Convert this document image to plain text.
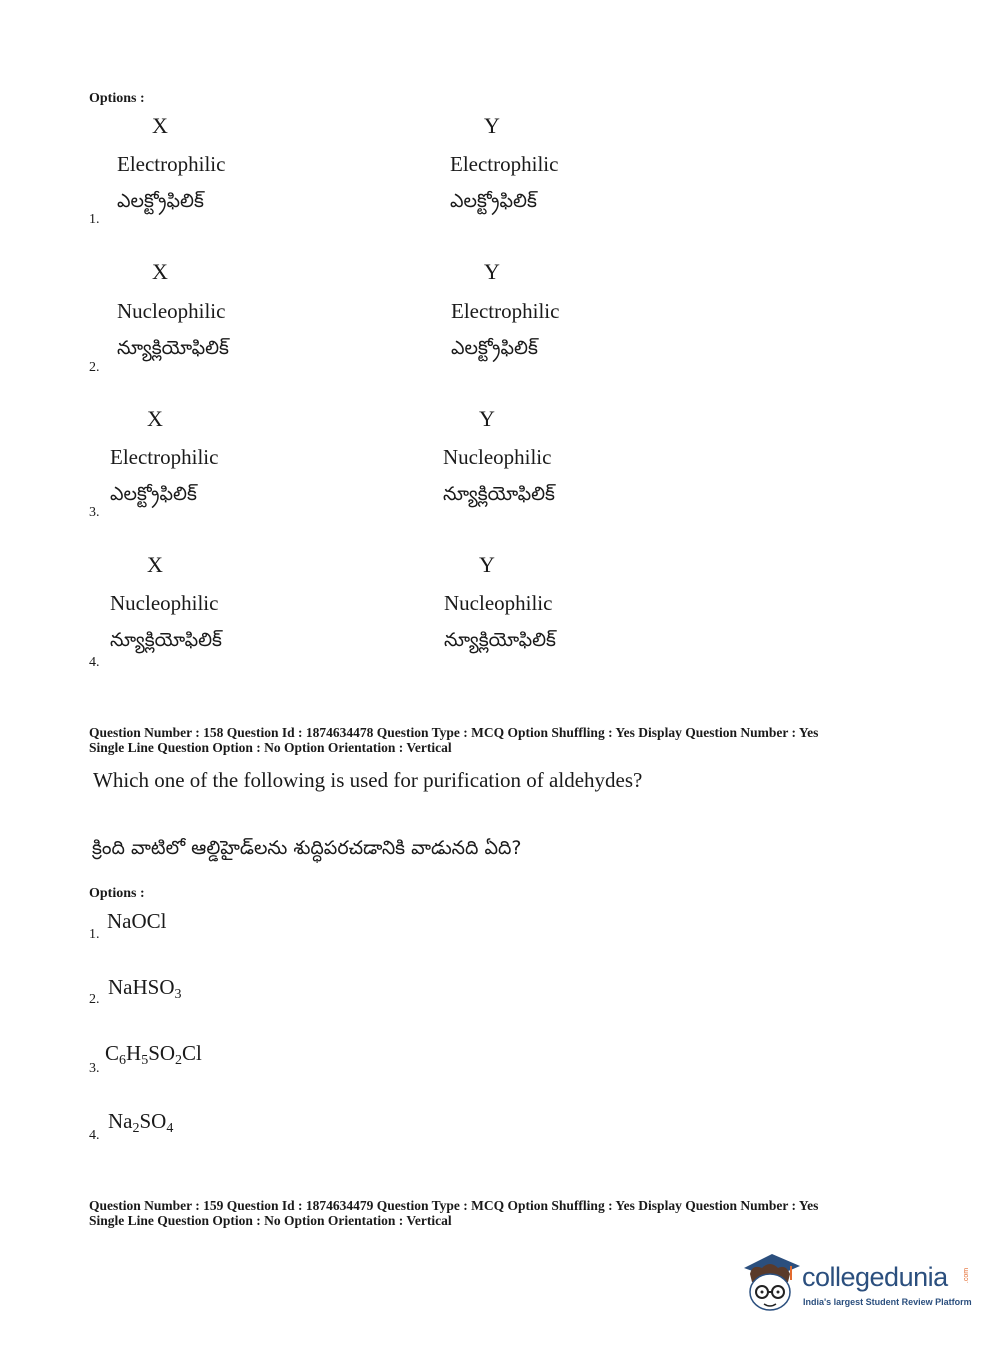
Options :
X	Y
Electrophilic	Electrophilic
ఎలక్ట్రోఫిలిక్	ఎలక్ట్రోఫిలిక్
1.
X	Y
Nucleophilic	Electrophilic
న్యూక్లియోఫిలిక్	ఎలక్ట్రోఫిలిక్
2.
X	Y
Electrophilic	Nucleophilic
ఎలక్ట్రోఫిలిక్	న్యూక్లియోఫిలిక్
3.
X	Y
Nucleophilic	Nucleophilic
న్యూక్లియోఫిలిక్	న్యూక్లియోఫిలిక్
4.
Question Number : 158 Question Id : 1874634478 Question Type : MCQ Option Shuffling : Yes Display Question Number : Yes
Single Line Question Option : No Option Orientation : Vertical
Which one of the following is used for purification of aldehydes?
క్రింది వాటిలో ఆల్డిహైడ్‌లను శుద్ధిపరచడానికి వాడునది ఏది?
Options :
1.
NaOCl
2.
NaHSO$_3$
3.
$C_6H_5SO_2Cl$
4.
$Na_2SO_4$
Question Number : 159 Question Id : 1874634479 Question Type : MCQ Option Shuffling : Yes Display Question Number : Yes
Single Line Question Option : No Option Orientation : Vertical
collegedunia .com
India's largest Student Review Platform
